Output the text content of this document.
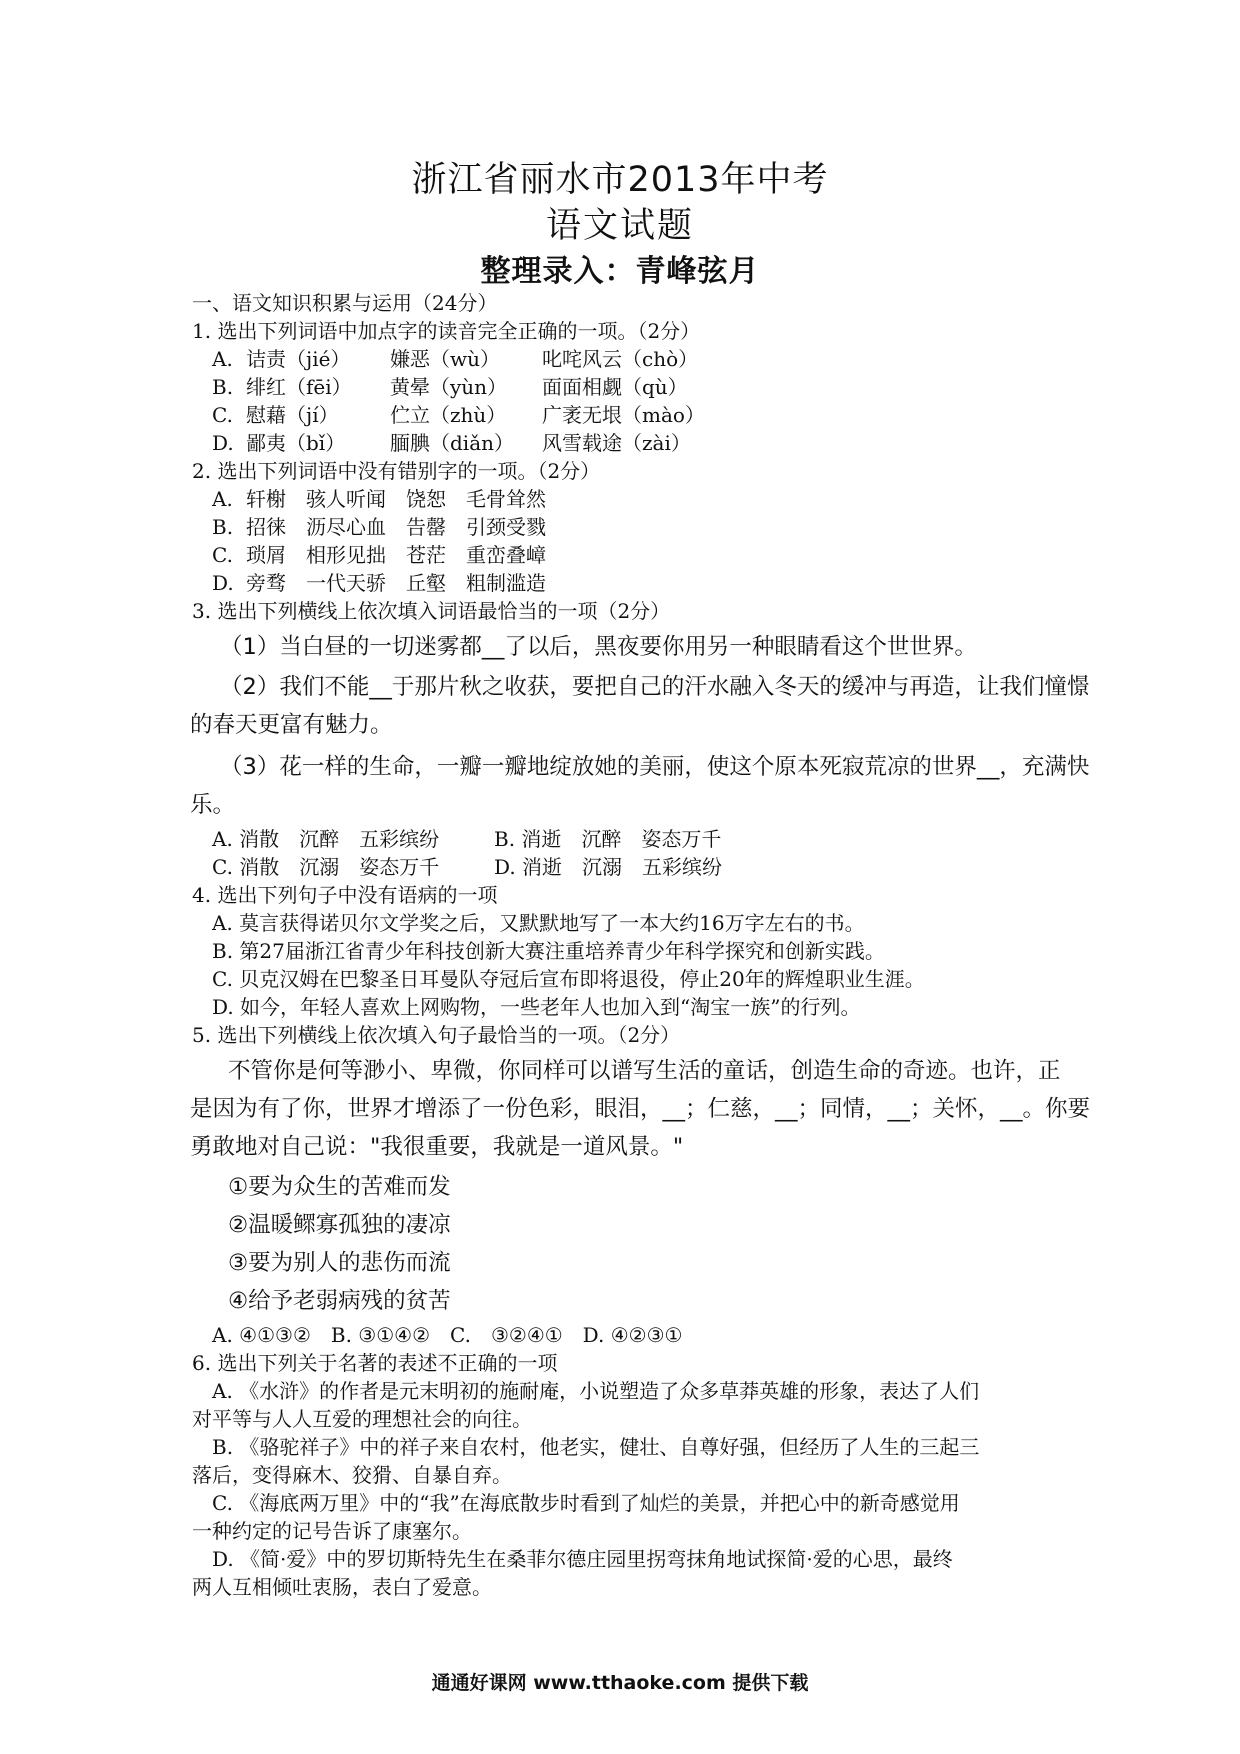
浙江省丽水市2013年中考
语文试题
整理录入：青峰弦月
一、语文知识积累与运用（24分）
1. 选出下列词语中加点字的读音完全正确的一项。（2分）
A. 诘责（jié） 嫌恶（wù） 叱咤风云（chò）
B. 绯红（fēi） 黄晕（yùn） 面面相觑（qù）
C. 慰藉（jí）	伫立（zhù） 广袤无垠（mào）
D. 鄙夷（bǐ） 腼腆（diǎn） 风雪载途（zài）
2. 选出下列词语中没有错别字的一项。（2分）
A. 轩榭　骇人听闻　饶恕　毛骨耸然
B. 招徕　沥尽心血　告罄　引颈受戮
C. 琐屑　相形见拙　苍茫　重峦叠嶂
D. 旁骛　一代天骄　丘壑　粗制滥造
3. 选出下列横线上依次填入词语最恰当的一项（2分）
（1）当白昼的一切迷雾都__了以后，黑夜要你用另一种眼睛看这个世世界。
（2）我们不能__于那片秋之收获，要把自己的汗水融入冬天的缓冲与再造，让我们憧憬
的春天更富有魅力。
（3）花一样的生命，一瓣一瓣地绽放她的美丽，使这个原本死寂荒凉的世界__，充满快
乐。
A. 消散　沉醉　五彩缤纷	B. 消逝　沉醉　姿态万千
C. 消散　沉溺　姿态万千	D. 消逝　沉溺　五彩缤纷
4. 选出下列句子中没有语病的一项
A. 莫言获得诺贝尔文学奖之后，又默默地写了一本大约16万字左右的书。
B. 第27届浙江省青少年科技创新大赛注重培养青少年科学探究和创新实践。
C. 贝克汉姆在巴黎圣日耳曼队夺冠后宣布即将退役，停止20年的辉煌职业生涯。
D. 如今，年轻人喜欢上网购物，一些老年人也加入到“淘宝一族”的行列。
5. 选出下列横线上依次填入句子最恰当的一项。（2分）
不管你是何等渺小、卑微，你同样可以谱写生活的童话，创造生命的奇迹。也许，正
是因为有了你，世界才增添了一份色彩，眼泪，__；仁慈，__；同情，__；关怀，__。你要
勇敢地对自己说："我很重要，我就是一道风景。"
①要为众生的苦难而发
②温暖鳏寡孤独的凄凉
③要为别人的悲伤而流
④给予老弱病残的贫苦
A. ④①③②　B. ③①④②　C.　③②④①　D. ④②③①
6. 选出下列关于名著的表述不正确的一项
A. 《水浒》的作者是元末明初的施耐庵，小说塑造了众多草莽英雄的形象，表达了人们
对平等与人人互爱的理想社会的向往。
B. 《骆驼祥子》中的祥子来自农村，他老实，健壮、自尊好强，但经历了人生的三起三
落后，变得麻木、狡猾、自暴自弃。
C. 《海底两万里》中的“我”在海底散步时看到了灿烂的美景，并把心中的新奇感觉用
一种约定的记号告诉了康塞尔。
D. 《简·爱》中的罗切斯特先生在桑菲尔德庄园里拐弯抹角地试探简·爱的心思，最终
两人互相倾吐衷肠，表白了爱意。
通通好课网 www.tthaoke.com 提供下载
